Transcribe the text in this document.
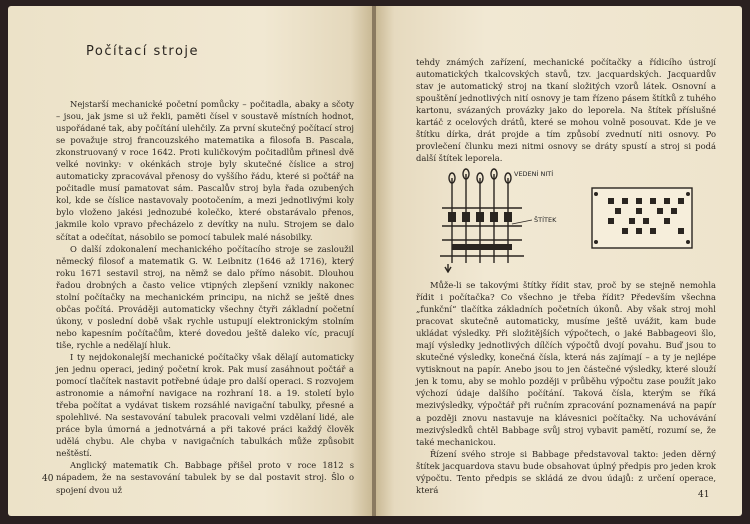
Počítací stroje

Nejstarší mechanické početní pomůcky – počitadla, abaky a sčoty – jsou, jak jsme si už řekli, paměti čísel v soustavě místních hodnot, uspořádané tak, aby počítání ulehčily. Za první skutečný počítací stroj se považuje stroj francouzského matematika a filosofa B. Pascala, zkonstruovaný v roce 1642. Proti kuličkovým počitadlům přinesl dvě velké novinky: v okénkách stroje byly skutečné číslice a stroj automaticky zpracovával přenosy do vyššího řádu, které si počtář na počitadle musí pamatovat sám. Pascalův stroj byla řada ozubených kol, kde se číslice nastavovaly pootočením, a mezi jednotlivými koly bylo vloženo jakési jednozubé kolečko, které obstarávalo přenos, jakmile kolo vpravo přecházelo z devítky na nulu. Strojem se dalo sčítat a odečítat, násobilo se pomocí tabulek malé násobilky.

O další zdokonalení mechanického počítacího stroje se zasloužil německý filosof a matematik G. W. Leibnitz (1646 až 1716), který roku 1671 sestavil stroj, na němž se dalo přímo násobit. Dlouhou řadou drobných a často velice vtipných zlepšení vznikly nakonec stolní počítačky na mechanickém principu, na nichž se ještě dnes občas počítá. Prováději automaticky všechny čtyři základní početní úkony, v poslední době však rychle ustupují elektronickým stolním nebo kapesním počítačům, které dovedou ještě daleko víc, pracují tiše, rychle a nedělají hluk.

I ty nejdokonalejší mechanické počítačky však dělají automaticky jen jednu operaci, jediný početní krok. Pak musí zasáhnout počtář a pomocí tlačítek nastavit potřebné údaje pro další operaci. S rozvojem astronomie a námořní navigace na rozhraní 18. a 19. století bylo třeba počítat a vydávat tiskem rozsáhlé navigační tabulky, přesné a spolehlivé. Na sestavování tabulek pracovali velmi vzdělaní lidé, ale práce byla úmorná a jednotvárná a při takové práci každý člověk udělá chybu. Ale chyba v navigačních tabulkách může způsobit neštěstí.

Anglický matematik Ch. Babbage přišel proto v roce 1812 s nápadem, že na sestavování tabulek by se dal postavit stroj. Šlo o spojení dvou už

40

tehdy známých zařízení, mechanické počítačky a řídicího ústrojí automatických tkalcovských stavů, tzv. jacquardských. Jacquardův stav je automatický stroj na tkaní složitých vzorů látek. Osnovní a spouštění jednotlivých nití osnovy je tam řízeno pásem štítků z tuhého kartonu, svázaných provázky jako do leporela. Na štítek příslušné kartáč z ocelových drátů, které se mohou volně posouvat. Kde je ve štítku dírka, drát projde a tím způsobí zvednutí niti osnovy. Po provlečení člunku mezi nitmi osnovy se dráty spustí a stroj si podá další štítek leporela.

VEDENÍ NITÍ
ŠTÍTEK

Může-li se takovými štítky řídit stav, proč by se stejně nemohla řídit i počítačka? Co všechno je třeba řídit? Především všechna „funkční“ tlačítka základních početních úkonů. Aby však stroj mohl pracovat skutečně automaticky, musíme ještě uvážit, kam bude ukládat výsledky. Při složitějších výpočtech, o jaké Babbageovi šlo, mají výsledky jednotlivých dílčích výpočtů dvojí povahu. Buď jsou to skutečné výsledky, konečná čísla, která nás zajímají – a ty je nejlépe vytisknout na papír. Anebo jsou to jen částečné výsledky, které slouží jen k tomu, aby se mohlo později v průběhu výpočtu zase použít jako výchozí údaje dalšího počítání. Taková čísla, kterým se říká mezivýsledky, výpočtář při ručním zpracování poznamenává na papír a později znovu nastavuje na klávesnici počítačky. Na uchovávání mezivýsledků chtěl Babbage svůj stroj vybavit pamětí, rozumí se, že také mechanickou.

Řízení svého stroje si Babbage představoval takto: jeden děrný štítek jacquardova stavu bude obsahovat úplný předpis pro jeden krok výpočtu. Tento předpis se skládá ze dvou údajů: z určení operace, která

41
